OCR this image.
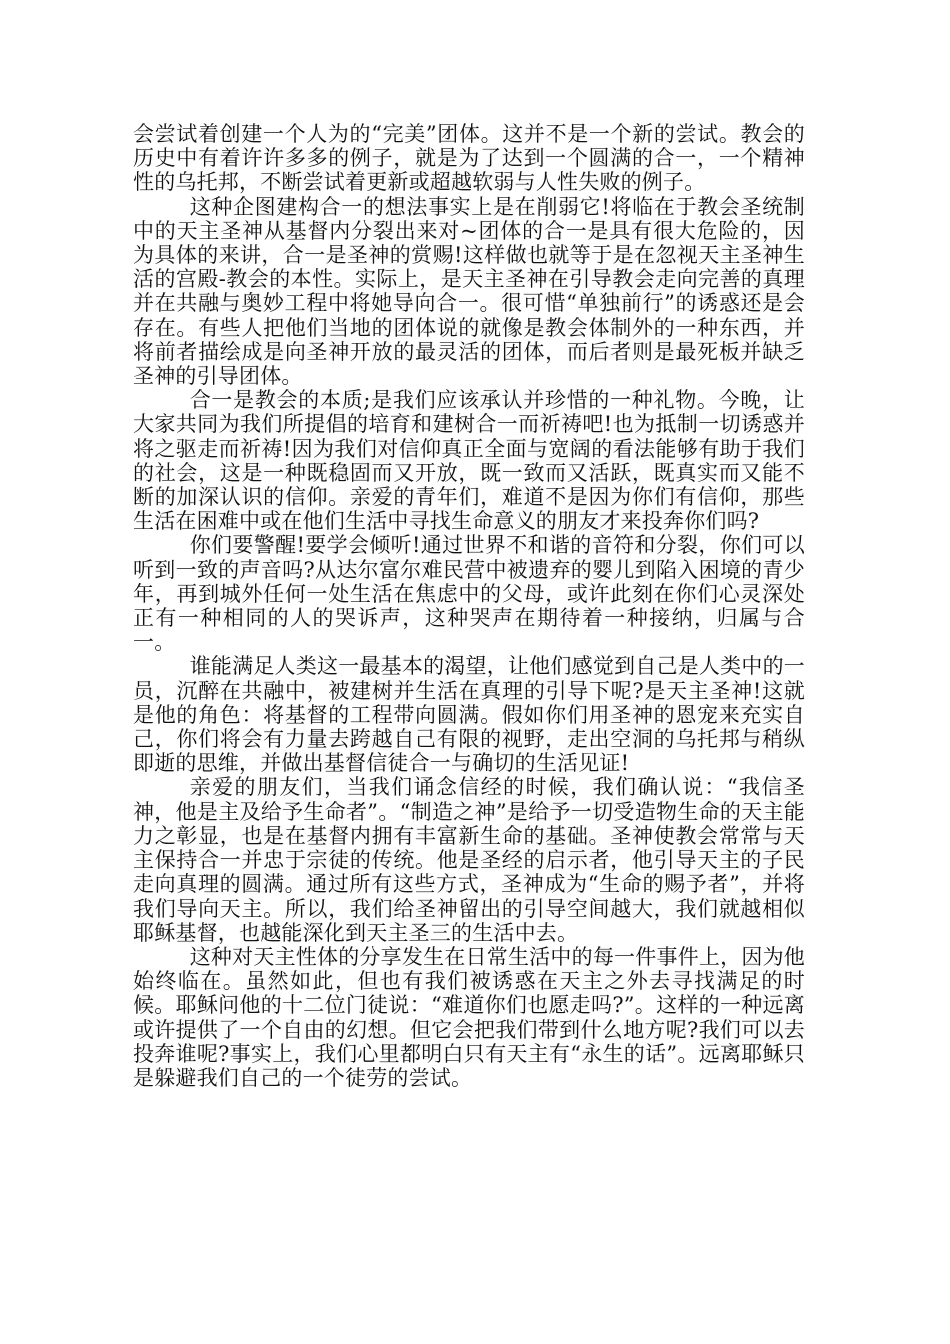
会尝试着创建一个人为的“完美”团体。这并不是一个新的尝试。教会的历史中有着许许多多的例子，就是为了达到一个圆满的合一，一个精神性的乌托邦，不断尝试着更新或超越软弱与人性失败的例子。

这种企图建构合一的想法事实上是在削弱它!将临在于教会圣统制中的天主圣神从基督内分裂出来对~团体的合一是具有很大危险的，因为具体的来讲，合一是圣神的赏赐!这样做也就等于是在忽视天主圣神生活的宫殿-教会的本性。实际上，是天主圣神在引导教会走向完善的真理并在共融与奥妙工程中将她导向合一。很可惜“单独前行”的诱惑还是会存在。有些人把他们当地的团体说的就像是教会体制外的一种东西，并将前者描绘成是向圣神开放的最灵活的团体，而后者则是最死板并缺乏圣神的引导团体。

合一是教会的本质;是我们应该承认并珍惜的一种礼物。今晚，让大家共同为我们所提倡的培育和建树合一而祈祷吧!也为抵制一切诱惑并将之驱走而祈祷!因为我们对信仰真正全面与宽阔的看法能够有助于我们的社会，这是一种既稳固而又开放，既一致而又活跃，既真实而又能不断的加深认识的信仰。亲爱的青年们，难道不是因为你们有信仰，那些生活在困难中或在他们生活中寻找生命意义的朋友才来投奔你们吗?

你们要警醒!要学会倾听!通过世界不和谐的音符和分裂，你们可以听到一致的声音吗?从达尔富尔难民营中被遗弃的婴儿到陷入困境的青少年，再到城外任何一处生活在焦虑中的父母，或许此刻在你们心灵深处正有一种相同的人的哭诉声，这种哭声在期待着一种接纳，归属与合一。

谁能满足人类这一最基本的渴望，让他们感觉到自己是人类中的一员，沉醉在共融中，被建树并生活在真理的引导下呢?是天主圣神!这就是他的角色：将基督的工程带向圆满。假如你们用圣神的恩宠来充实自己，你们将会有力量去跨越自己有限的视野，走出空洞的乌托邦与稍纵即逝的思维，并做出基督信徒合一与确切的生活见证!

亲爱的朋友们，当我们诵念信经的时候，我们确认说：“我信圣神，他是主及给予生命者”。“制造之神”是给予一切受造物生命的天主能力之彰显，也是在基督内拥有丰富新生命的基础。圣神使教会常常与天主保持合一并忠于宗徒的传统。他是圣经的启示者，他引导天主的子民走向真理的圆满。通过所有这些方式，圣神成为“生命的赐予者”，并将我们导向天主。所以，我们给圣神留出的引导空间越大，我们就越相似耶稣基督，也越能深化到天主圣三的生活中去。

这种对天主性体的分享发生在日常生活中的每一件事件上，因为他始终临在。虽然如此，但也有我们被诱惑在天主之外去寻找满足的时候。耶稣问他的十二位门徒说：“难道你们也愿走吗?”。这样的一种远离或许提供了一个自由的幻想。但它会把我们带到什么地方呢?我们可以去投奔谁呢?事实上，我们心里都明白只有天主有“永生的话”。远离耶稣只是躲避我们自己的一个徒劳的尝试。
